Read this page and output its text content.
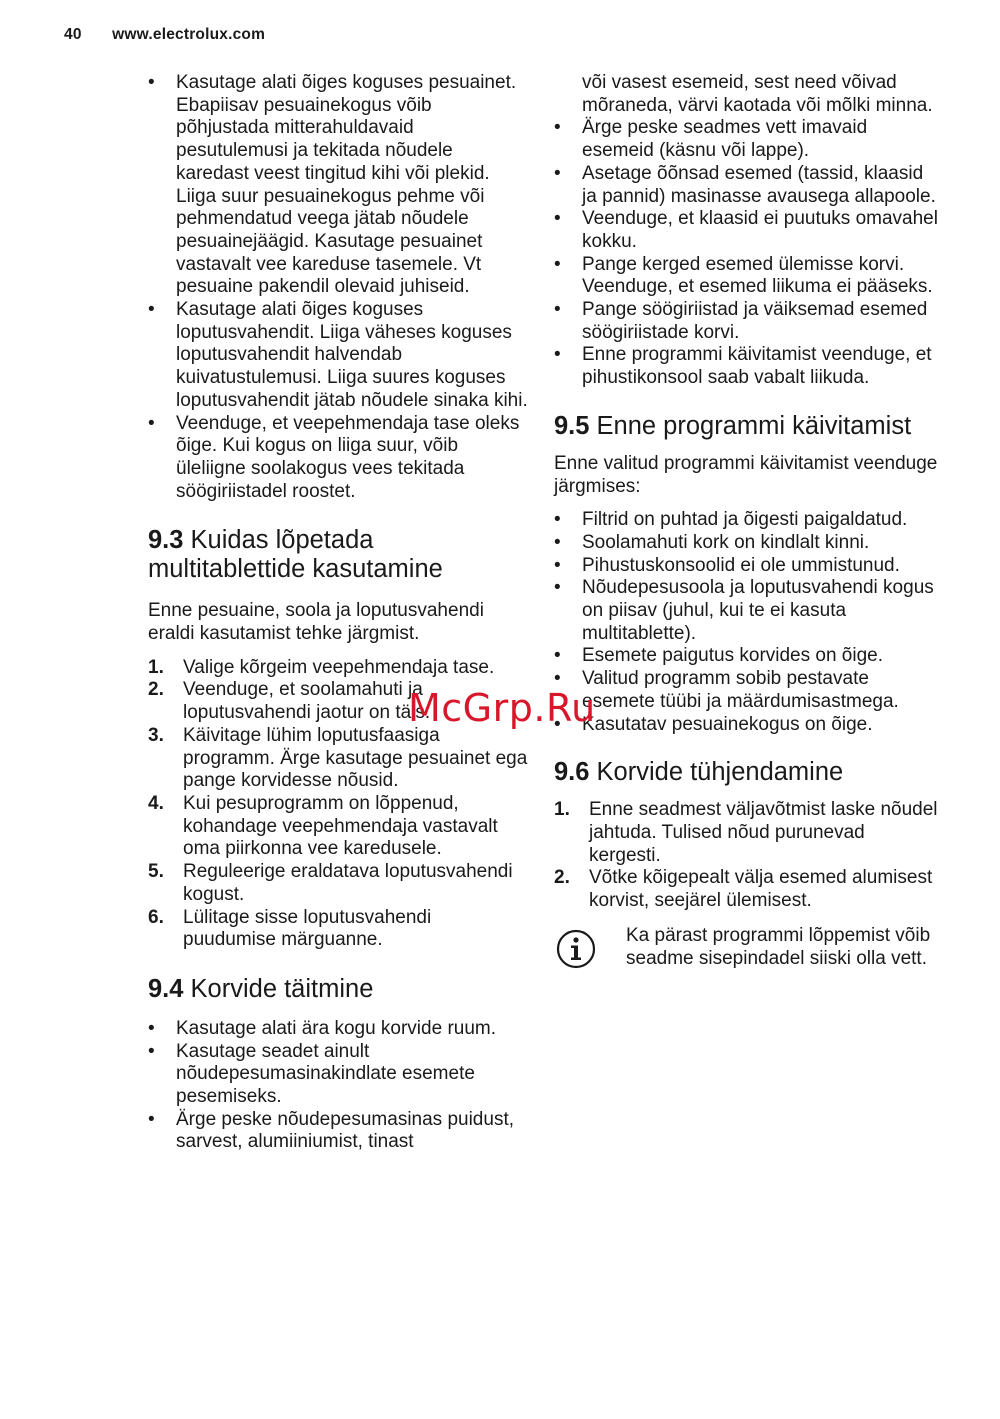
40 www.electrolux.com
• Kasutage alati õiges koguses pesuainet. Ebapiisav pesuainekogus võib põhjustada mitterahuldavaid pesutulemusi ja tekitada nõudele karedast veest tingitud kihi või plekid. Liiga suur pesuainekogus pehme või pehmendatud veega jätab nõudele pesuainejäägid. Kasutage pesuainet vastavalt vee kareduse tasemele. Vt pesuaine pakendil olevaid juhiseid.
• Kasutage alati õiges koguses loputusvahendit. Liiga väheses koguses loputusvahendit halvendab kuivatustulemusi. Liiga suures koguses loputusvahendit jätab nõudele sinaka kihi.
• Veenduge, et veepehmendaja tase oleks õige. Kui kogus on liiga suur, võib üleliigne soolakogus vees tekitada söögiriistadel roostet.
9.3 Kuidas lõpetada multitablettide kasutamine
Enne pesuaine, soola ja loputusvahendi eraldi kasutamist tehke järgmist.
1. Valige kõrgeim veepehmendaja tase.
2. Veenduge, et soolamahuti ja loputusvahendi jaotur on täis.
3. Käivitage lühim loputusfaasiga programm. Ärge kasutage pesuainet ega pange korvidesse nõusid.
4. Kui pesuprogramm on lõppenud, kohandage veepehmendaja vastavalt oma piirkonna vee karedusele.
5. Reguleerige eraldatava loputusvahendi kogust.
6. Lülitage sisse loputusvahendi puudumise märguanne.
9.4 Korvide täitmine
• Kasutage alati ära kogu korvide ruum.
• Kasutage seadet ainult nõudepesumasinakindlate esemete pesemiseks.
• Ärge peske nõudepesumasinas puidust, sarvest, alumiiniumist, tinast
või vasest esemeid, sest need võivad mõraneda, värvi kaotada või mõlki minna.
• Ärge peske seadmes vett imavaid esemeid (käsnu või lappe).
• Asetage õõnsad esemed (tassid, klaasid ja pannid) masinasse avausega allapoole.
• Veenduge, et klaasid ei puutuks omavahel kokku.
• Pange kerged esemed ülemisse korvi. Veenduge, et esemed liikuma ei pääseks.
• Pange söögiriistad ja väiksemad esemed söögiriistade korvi.
• Enne programmi käivitamist veenduge, et pihustikonsool saab vabalt liikuda.
9.5 Enne programmi käivitamist
Enne valitud programmi käivitamist veenduge järgmises:
• Filtrid on puhtad ja õigesti paigaldatud.
• Soolamahuti kork on kindlalt kinni.
• Pihustuskonsoolid ei ole ummistunud.
• Nõudepesusoola ja loputusvahendi kogus on piisav (juhul, kui te ei kasuta multitablette).
• Esemete paigutus korvides on õige.
• Valitud programm sobib pestavate esemete tüübi ja määrdumisastmega.
• Kasutatav pesuainekogus on õige.
9.6 Korvide tühjendamine
1. Enne seadmest väljavõtmist laske nõudel jahtuda. Tulised nõud purunevad kergesti.
2. Võtke kõigepealt välja esemed alumisest korvist, seejärel ülemisest.
Ka pärast programmi lõppemist võib seadme sisepindadel siiski olla vett.
McGrp.Ru
